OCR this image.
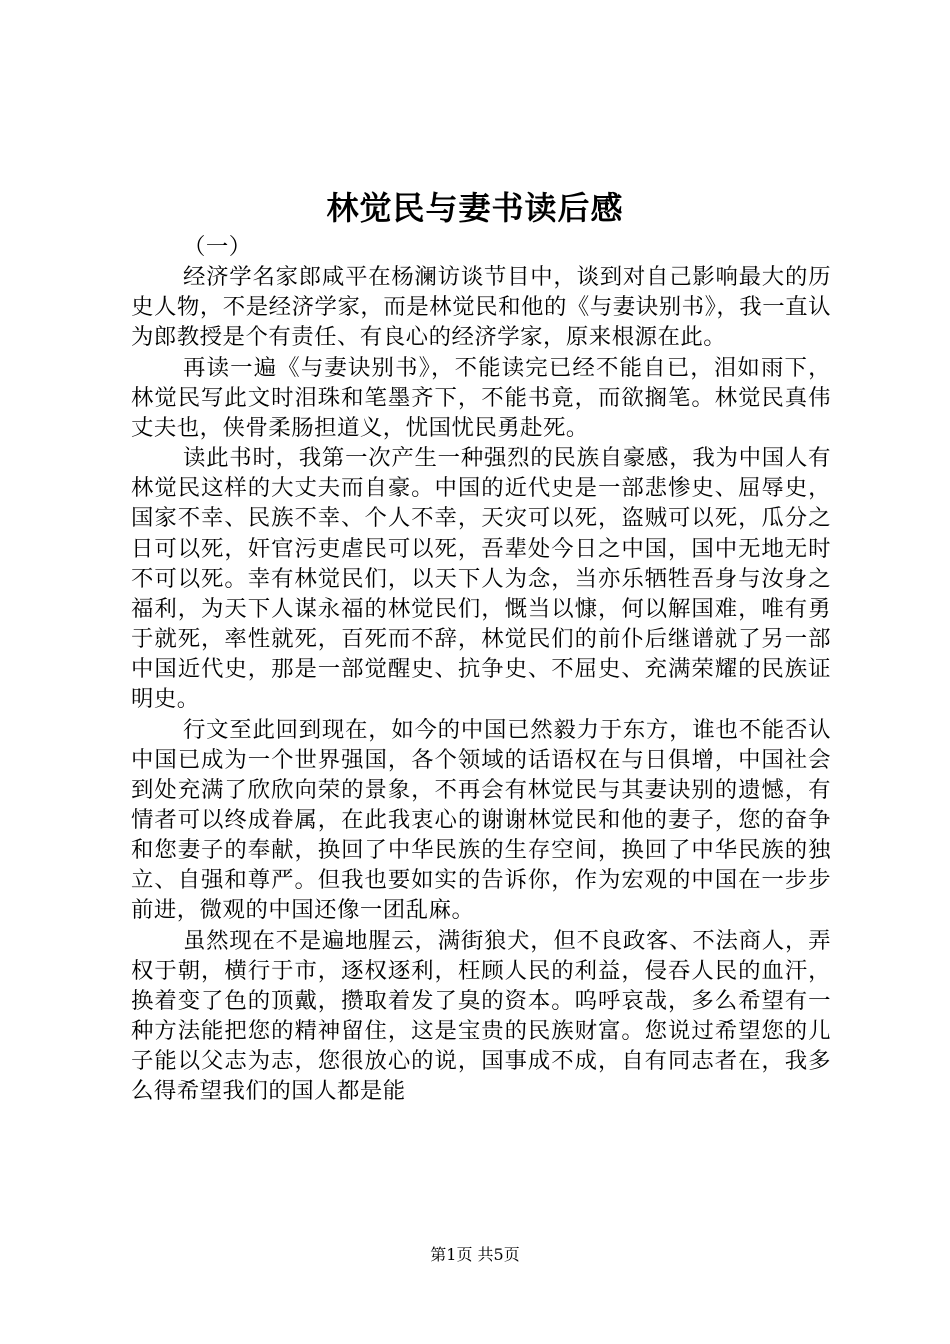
林觉民与妻书读后感

（一）

经济学名家郎咸平在杨澜访谈节目中，谈到对自己影响最大的历史人物，不是经济学家，而是林觉民和他的《与妻诀别书》，我一直认为郎教授是个有责任、有良心的经济学家，原来根源在此。

再读一遍《与妻诀别书》，不能读完已经不能自已，泪如雨下，林觉民写此文时泪珠和笔墨齐下，不能书竟，而欲搁笔。林觉民真伟丈夫也，侠骨柔肠担道义，忧国忧民勇赴死。

读此书时，我第一次产生一种强烈的民族自豪感，我为中国人有林觉民这样的大丈夫而自豪。中国的近代史是一部悲惨史、屈辱史，国家不幸、民族不幸、个人不幸，天灾可以死，盗贼可以死，瓜分之日可以死，奸官污吏虐民可以死，吾辈处今日之中国，国中无地无时不可以死。幸有林觉民们，以天下人为念，当亦乐牺牲吾身与汝身之福利，为天下人谋永福的林觉民们，慨当以慷，何以解国难，唯有勇于就死，率性就死，百死而不辞，林觉民们的前仆后继谱就了另一部中国近代史，那是一部觉醒史、抗争史、不屈史、充满荣耀的民族证明史。

行文至此回到现在，如今的中国已然毅力于东方，谁也不能否认中国已成为一个世界强国，各个领域的话语权在与日俱增，中国社会到处充满了欣欣向荣的景象，不再会有林觉民与其妻诀别的遗憾，有情者可以终成眷属，在此我衷心的谢谢林觉民和他的妻子，您的奋争和您妻子的奉献，换回了中华民族的生存空间，换回了中华民族的独立、自强和尊严。但我也要如实的告诉你，作为宏观的中国在一步步前进，微观的中国还像一团乱麻。

虽然现在不是遍地腥云，满街狼犬，但不良政客、不法商人，弄权于朝，横行于市，逐权逐利，枉顾人民的利益，侵吞人民的血汗，换着变了色的顶戴，攒取着发了臭的资本。呜呼哀哉，多么希望有一种方法能把您的精神留住，这是宝贵的民族财富。您说过希望您的儿子能以父志为志，您很放心的说，国事成不成，自有同志者在，我多么得希望我们的国人都是能

第1页 共5页
